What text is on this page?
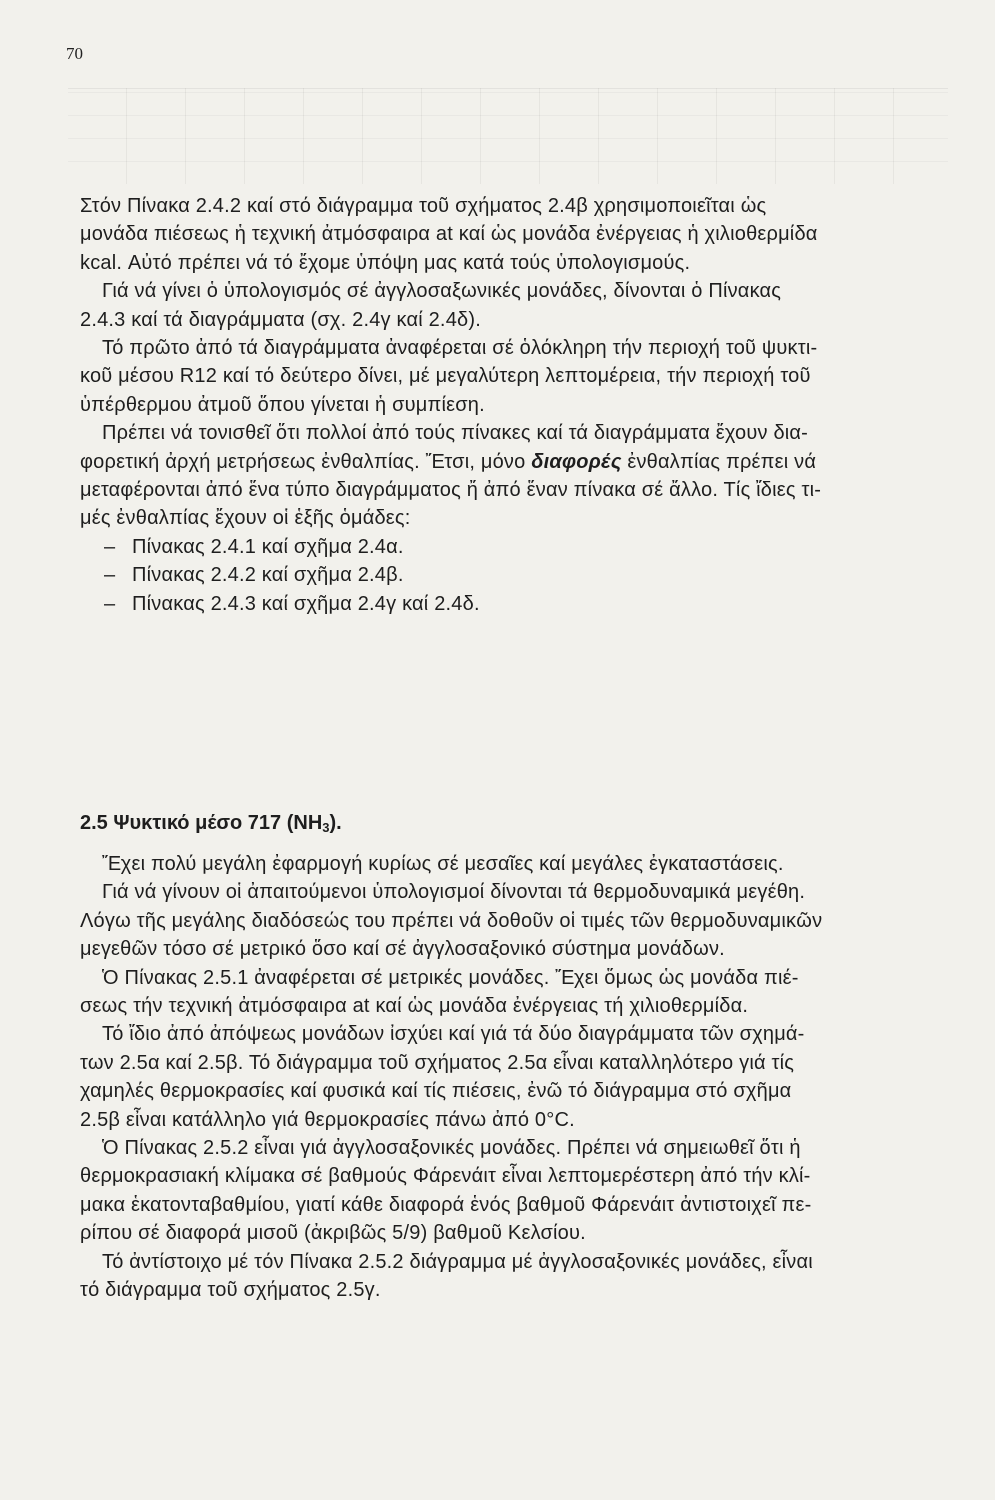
70
Στόν Πίνακα 2.4.2 καί στό διάγραμμα τοῦ σχήματος 2.4β χρησιμοποιεῖται ὡς
μονάδα πιέσεως ἡ τεχνική ἀτμόσφαιρα at καί ὡς μονάδα ἐνέργειας ἡ χιλιοθερμίδα
kcal. Αὐτό πρέπει νά τό ἔχομε ὑπόψη μας κατά τούς ὑπολογισμούς.
Γιά νά γίνει ὁ ὑπολογισμός σέ ἀγγλοσαξωνικές μονάδες, δίνονται ὁ Πίνακας
2.4.3 καί τά διαγράμματα (σχ. 2.4γ καί 2.4δ).
Τό πρῶτο ἀπό τά διαγράμματα ἀναφέρεται σέ ὁλόκληρη τήν περιοχή τοῦ ψυκτι-
κοῦ μέσου R12 καί τό δεύτερο δίνει, μέ μεγαλύτερη λεπτομέρεια, τήν περιοχή τοῦ
ὑπέρθερμου ἀτμοῦ ὅπου γίνεται ἡ συμπίεση.
Πρέπει νά τονισθεῖ ὅτι πολλοί ἀπό τούς πίνακες καί τά διαγράμματα ἔχουν δια-
φορετική ἀρχή μετρήσεως ἐνθαλπίας. Ἔτσι, μόνο διαφορές ἐνθαλπίας πρέπει νά
μεταφέρονται ἀπό ἕνα τύπο διαγράμματος ἤ ἀπό ἕναν πίνακα σέ ἄλλο. Τίς ἴδιες τι-
μές ἐνθαλπίας ἔχουν οἱ ἑξῆς ὁμάδες:
– Πίνακας 2.4.1 καί σχῆμα 2.4α.
– Πίνακας 2.4.2 καί σχῆμα 2.4β.
– Πίνακας 2.4.3 καί σχῆμα 2.4γ καί 2.4δ.
2.5 Ψυκτικό μέσο 717 $(NH_3)$.
Ἔχει πολύ μεγάλη ἐφαρμογή κυρίως σέ μεσαῖες καί μεγάλες ἐγκαταστάσεις.
Γιά νά γίνουν οἱ ἀπαιτούμενοι ὑπολογισμοί δίνονται τά θερμοδυναμικά μεγέθη.
Λόγω τῆς μεγάλης διαδόσεώς του πρέπει νά δοθοῦν οἱ τιμές τῶν θερμοδυναμικῶν
μεγεθῶν τόσο σέ μετρικό ὅσο καί σέ ἀγγλοσαξονικό σύστημα μονάδων.
Ὁ Πίνακας 2.5.1 ἀναφέρεται σέ μετρικές μονάδες. Ἔχει ὅμως ὡς μονάδα πιέ-
σεως τήν τεχνική ἀτμόσφαιρα at καί ὡς μονάδα ἐνέργειας τή χιλιοθερμίδα.
Τό ἴδιο ἀπό ἀπόψεως μονάδων ἰσχύει καί γιά τά δύο διαγράμματα τῶν σχημά-
των 2.5α καί 2.5β. Τό διάγραμμα τοῦ σχήματος 2.5α εἶναι καταλληλότερο γιά τίς
χαμηλές θερμοκρασίες καί φυσικά καί τίς πιέσεις, ἐνῶ τό διάγραμμα στό σχῆμα
2.5β εἶναι κατάλληλο γιά θερμοκρασίες πάνω ἀπό 0°C.
Ὁ Πίνακας 2.5.2 εἶναι γιά ἀγγλοσαξονικές μονάδες. Πρέπει νά σημειωθεῖ ὅτι ἡ
θερμοκρασιακή κλίμακα σέ βαθμούς Φάρενάιτ εἶναι λεπτομερέστερη ἀπό τήν κλί-
μακα ἑκατονταβαθμίου, γιατί κάθε διαφορά ἑνός βαθμοῦ Φάρενάιτ ἀντιστοιχεῖ πε-
ρίπου σέ διαφορά μισοῦ (ἀκριβῶς 5/9) βαθμοῦ Κελσίου.
Τό ἀντίστοιχο μέ τόν Πίνακα 2.5.2 διάγραμμα μέ ἀγγλοσαξονικές μονάδες, εἶναι
τό διάγραμμα τοῦ σχήματος 2.5γ.
